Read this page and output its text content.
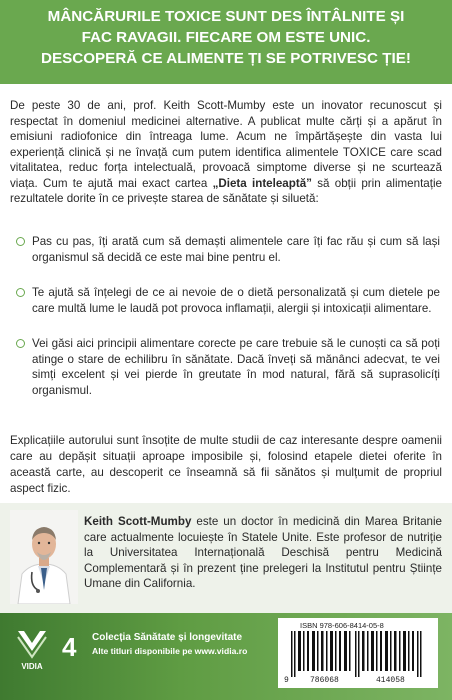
MÂNCĂRURILE TOXICE SUNT DES ÎNTÂLNITE ȘI
FAC RAVAGII. FIECARE OM ESTE UNIC.
DESCOPERĂ CE ALIMENTE ȚI SE POTRIVESC ȚIE!
De peste 30 de ani, prof. Keith Scott-Mumby este un inovator recunoscut și respectat în domeniul medicinei alternative. A publicat multe cărți și a apărut în emisiuni radiofonice din întreaga lume. Acum ne împărtășește din vasta lui experiență clinică și ne învață cum putem identifica alimentele TOXICE care scad vitalitatea, reduc forța intelectuală, provoacă simptome diverse și ne scurtează viața. Cum te ajută mai exact cartea „Dieta inteleaptă” să obții prin alimentație rezultatele dorite în ce privește starea de sănătate și siluetă:
Pas cu pas, îți arată cum să demaști alimentele care îți fac rău și cum să lași organismul să decidă ce este mai bine pentru el.
Te ajută să înțelegi de ce ai nevoie de o dietă personalizată și cum dietele pe care multă lume le laudă pot provoca inflamații, alergii și intoxicații alimentare.
Vei găsi aici principii alimentare corecte pe care trebuie să le cunoști ca să poți atinge o stare de echilibru în sănătate. Dacă înveți să mănânci adecvat, te vei simți excelent și vei pierde în greutate în mod natural, fără să suprasolicíți organismul.
Explicațiile autorului sunt însoțite de multe studii de caz interesante despre oamenii care au depășit situații aproape imposibile și, folosind etapele dietei oferite în această carte, au descoperit ce înseamnă să fii sănătos și mulțumit de propriul aspect fizic.
Keith Scott-Mumby este un doctor în medicină din Marea Britanie care actualmente locuiește în Statele Unite. Este profesor de nutriție la Universitatea Internațională Deschisă pentru Medicină Complementară și în prezent ține prelegeri la Institutul pentru Științe Umane din California.
VIDIA
4	Colecția Sănătate și longevitate
Alte titluri disponibile pe www.vidia.ro
ISBN 978-606-8414-05-8
9	786068	414058
